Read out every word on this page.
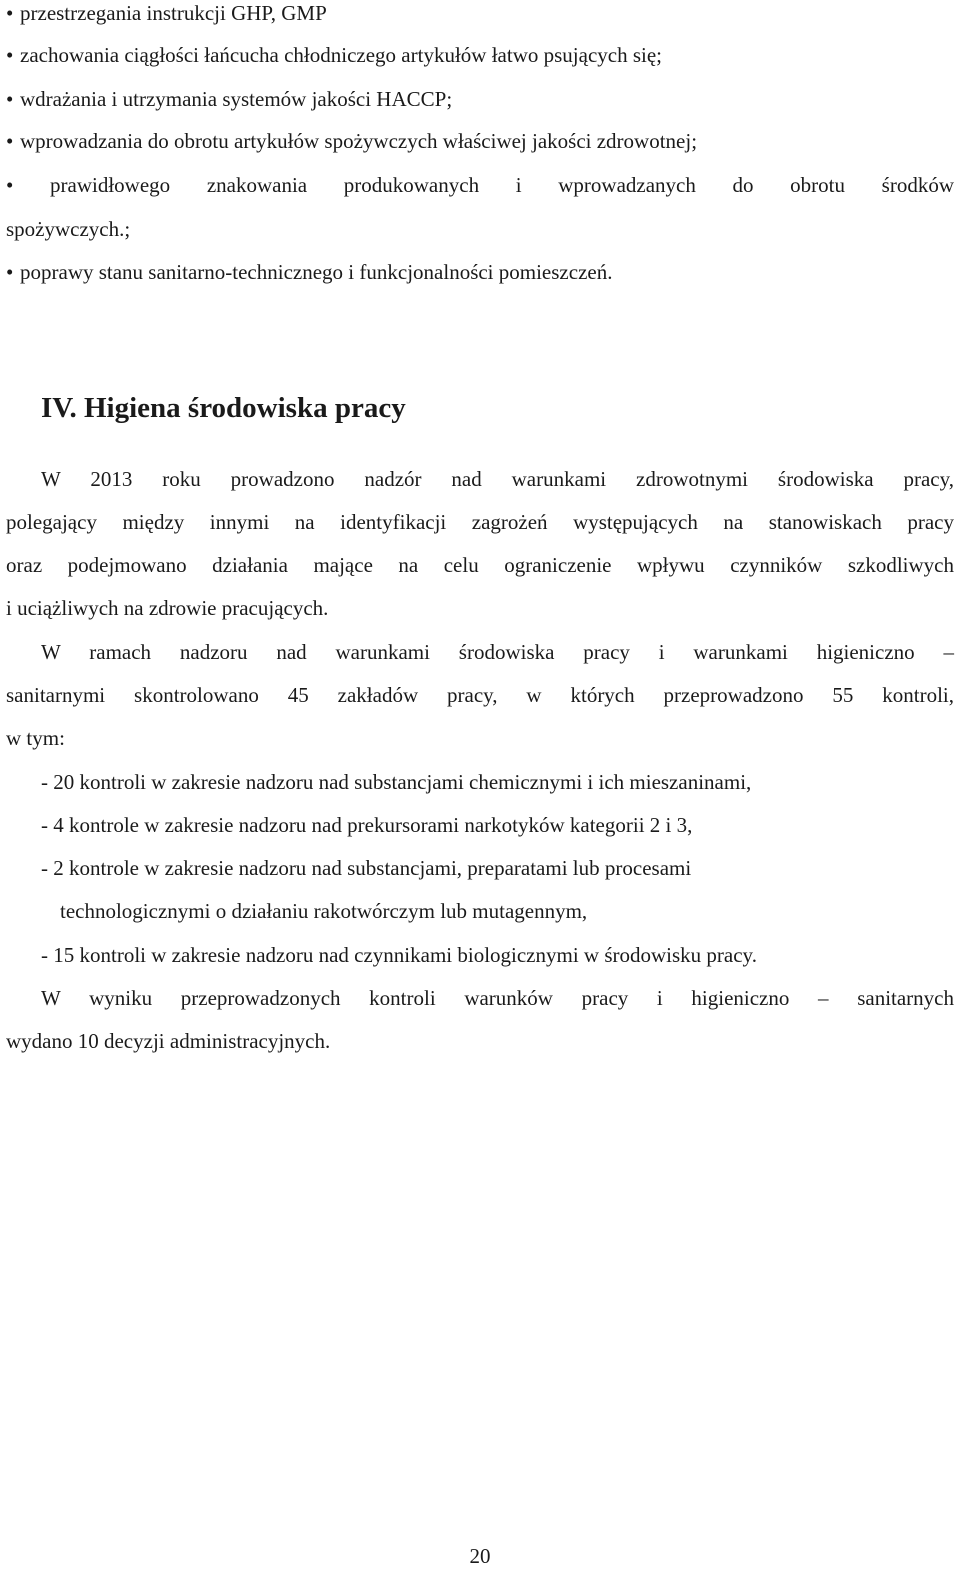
• przestrzegania instrukcji GHP, GMP
• zachowania ciągłości łańcucha chłodniczego artykułów łatwo psujących się;
• wdrażania i utrzymania systemów jakości HACCP;
• wprowadzania do obrotu artykułów spożywczych właściwej jakości zdrowotnej;
• prawidłowego znakowania produkowanych i wprowadzanych do obrotu środków
spożywczych.;
• poprawy stanu sanitarno-technicznego i funkcjonalności pomieszczeń.
IV. Higiena środowiska pracy
W 2013 roku prowadzono nadzór nad warunkami zdrowotnymi środowiska pracy,
polegający między innymi na identyfikacji zagrożeń występujących na stanowiskach pracy
oraz podejmowano działania mające na celu ograniczenie wpływu czynników szkodliwych
i uciążliwych na zdrowie pracujących.
W ramach nadzoru nad warunkami środowiska pracy i warunkami higieniczno –
sanitarnymi skontrolowano 45 zakładów pracy, w których przeprowadzono 55 kontroli,
w tym:
- 20 kontroli w zakresie nadzoru nad substancjami chemicznymi i ich mieszaninami,
- 4 kontrole w zakresie nadzoru nad prekursorami narkotyków kategorii 2 i 3,
- 2 kontrole w zakresie nadzoru nad substancjami, preparatami lub procesami
technologicznymi o działaniu rakotwórczym lub mutagennym,
- 15 kontroli w zakresie nadzoru nad czynnikami biologicznymi w środowisku pracy.
W wyniku przeprowadzonych kontroli warunków pracy i higieniczno – sanitarnych
wydano 10 decyzji administracyjnych.
20
